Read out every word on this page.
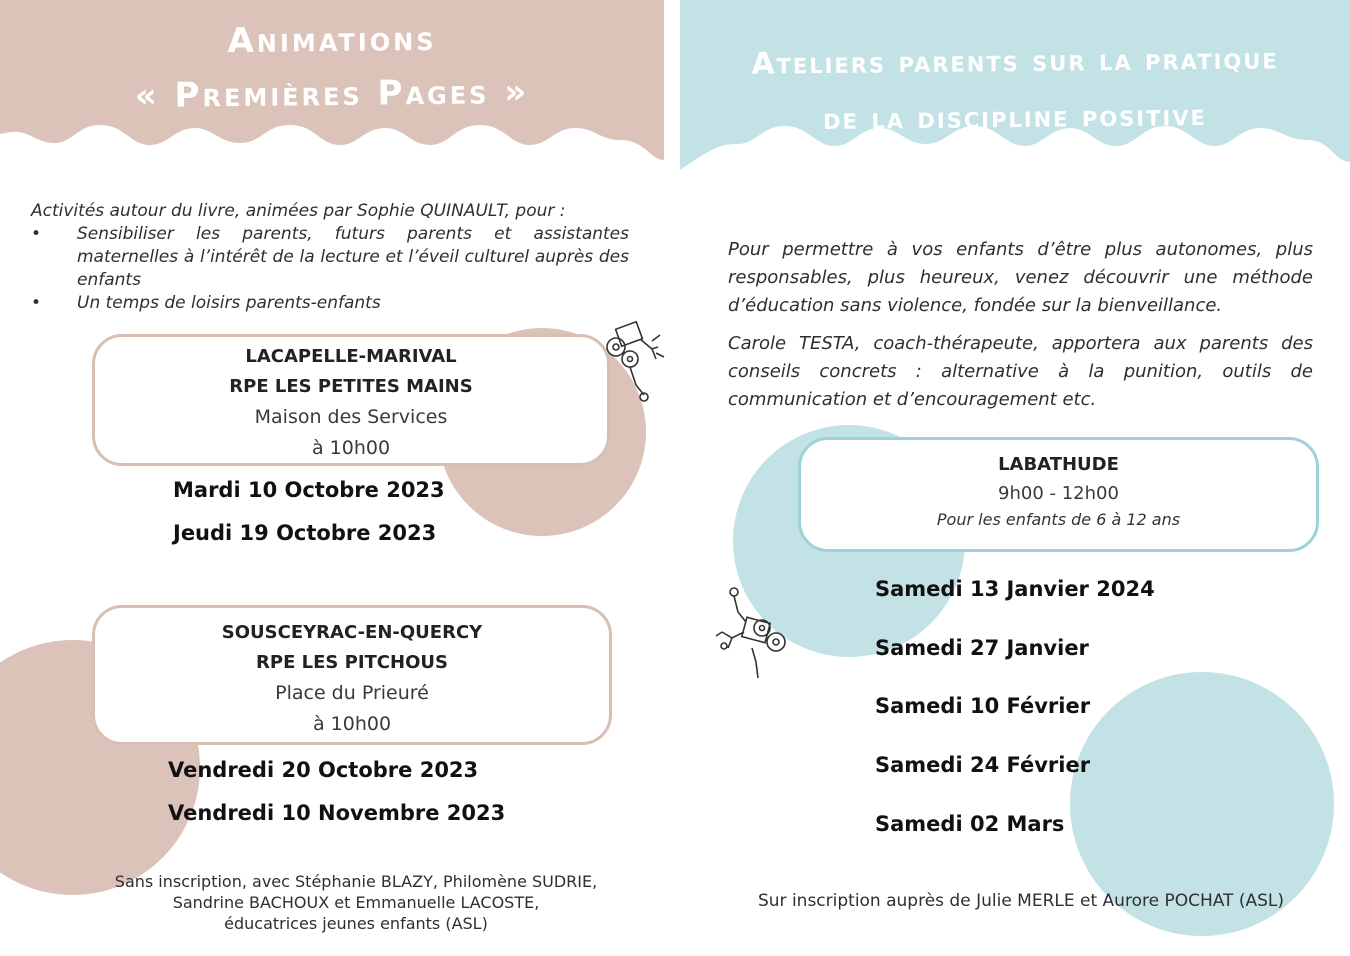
Animations
« Premières Pages »
Ateliers parents sur la pratique
de la discipline positive
Activités autour du livre, animées par Sophie QUINAULT, pour :
• Sensibiliser les parents, futurs parents et assistantes maternelles à l’intérêt de la lecture et l’éveil culturel auprès des enfants
• Un temps de loisirs parents-enfants
LACAPELLE-MARIVAL
RPE LES PETITES MAINS
Maison des Services
à 10h00
Mardi 10 Octobre 2023
Jeudi 19 Octobre 2023
SOUSCEYRAC-EN-QUERCY
RPE LES PITCHOUS
Place du Prieuré
à 10h00
Vendredi 20 Octobre 2023
Vendredi 10 Novembre 2023
Sans inscription, avec Stéphanie BLAZY, Philomène SUDRIE,
Sandrine BACHOUX et Emmanuelle LACOSTE,
éducatrices jeunes enfants (ASL)
Pour permettre à vos enfants d’être plus autonomes, plus responsables, plus heureux, venez découvrir une méthode d’éducation sans violence, fondée sur la bienveillance.
Carole TESTA, coach-thérapeute, apportera aux parents des conseils concrets : alternative à la punition, outils de communication et d’encouragement etc.
LABATHUDE
9h00 - 12h00
Pour les enfants de 6 à 12 ans
Samedi 13 Janvier 2024
Samedi 27 Janvier
Samedi 10 Février
Samedi 24 Février
Samedi 02 Mars
Sur inscription auprès de Julie MERLE et Aurore POCHAT (ASL)
